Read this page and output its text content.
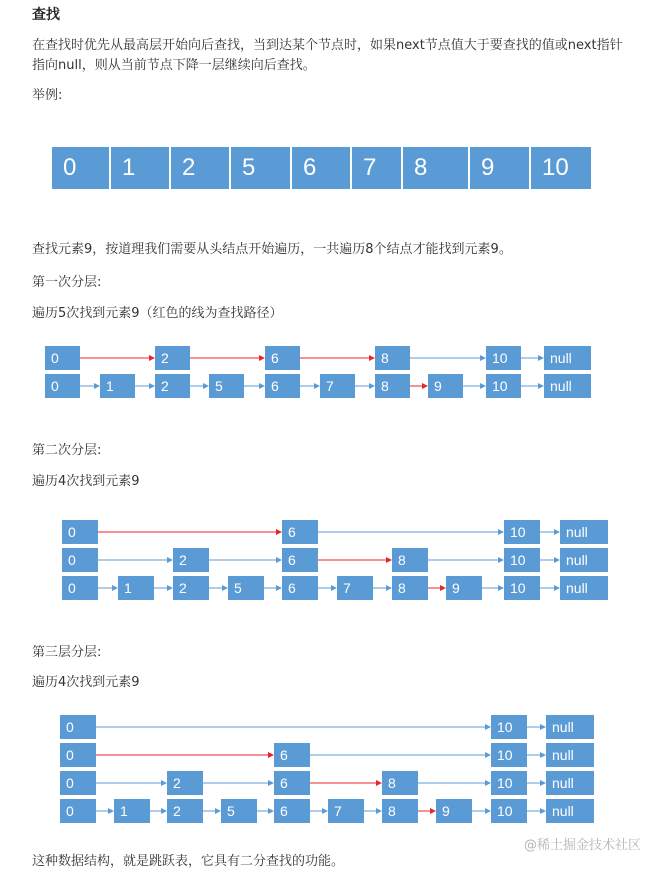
查找

在查找时优先从最高层开始向后查找，当到达某个节点时，如果next节点值大于要查找的值或next指针

指向null，则从当前节点下降一层继续向后查找。

举例:

0	1	2	5	6	7	8	9	10

查找元素9，按道理我们需要从头结点开始遍历，一共遍历8个结点才能找到元素9。

第一次分层:

遍历5次找到元素9（红色的线为查找路径）

0	2	6	8	10	null
0	1	2	5	6	7	8	9	10	null

第二次分层:

遍历4次找到元素9

0	6	10	null
0	2	6	8	10	null
0	1	2	5	6	7	8	9	10	null

第三层分层:

遍历4次找到元素9

0	10	null
0	6	10	null
0	2	6	8	10	null
0	1	2	5	6	7	8	9	10	null

这种数据结构，就是跳跃表，它具有二分查找的功能。

@稀土掘金技术社区
